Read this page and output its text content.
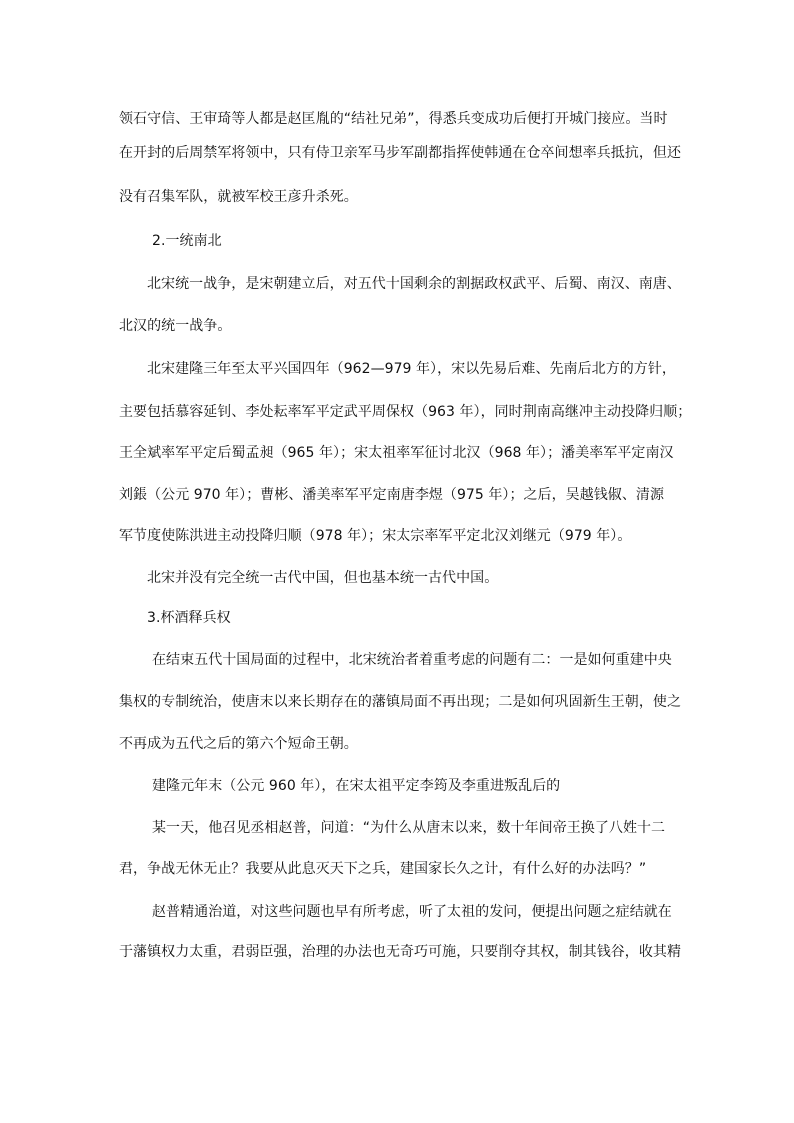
领石守信、王审琦等人都是赵匡胤的“结社兄弟”，得悉兵变成功后便打开城门接应。当时
在开封的后周禁军将领中，只有侍卫亲军马步军副都指挥使韩通在仓卒间想率兵抵抗，但还
没有召集军队，就被军校王彦升杀死。
2.一统南北
北宋统一战争，是宋朝建立后，对五代十国剩余的割据政权武平、后蜀、南汉、南唐、
北汉的统一战争。
北宋建隆三年至太平兴国四年（962—979 年），宋以先易后难、先南后北方的方针，
主要包括慕容延钊、李处耘率军平定武平周保权（963 年），同时荆南高继冲主动投降归顺；
王全斌率军平定后蜀孟昶（965 年）；宋太祖率军征讨北汉（968 年）；潘美率军平定南汉
刘鋹（公元 970 年）；曹彬、潘美率军平定南唐李煜（975 年）；之后，吴越钱俶、清源
军节度使陈洪进主动投降归顺（978 年）；宋太宗率军平定北汉刘继元（979 年）。
北宋并没有完全统一古代中国，但也基本统一古代中国。
3.杯酒释兵权
在结束五代十国局面的过程中，北宋统治者着重考虑的问题有二：一是如何重建中央
集权的专制统治，使唐末以来长期存在的藩镇局面不再出现；二是如何巩固新生王朝，使之
不再成为五代之后的第六个短命王朝。
建隆元年末（公元 960 年），在宋太祖平定李筠及李重进叛乱后的
某一天，他召见丞相赵普，问道：“为什么从唐末以来，数十年间帝王换了八姓十二
君，争战无休无止？我要从此息灭天下之兵，建国家长久之计，有什么好的办法吗？”
赵普精通治道，对这些问题也早有所考虑，听了太祖的发问，便提出问题之症结就在
于藩镇权力太重，君弱臣强，治理的办法也无奇巧可施，只要削夺其权，制其钱谷，收其精
